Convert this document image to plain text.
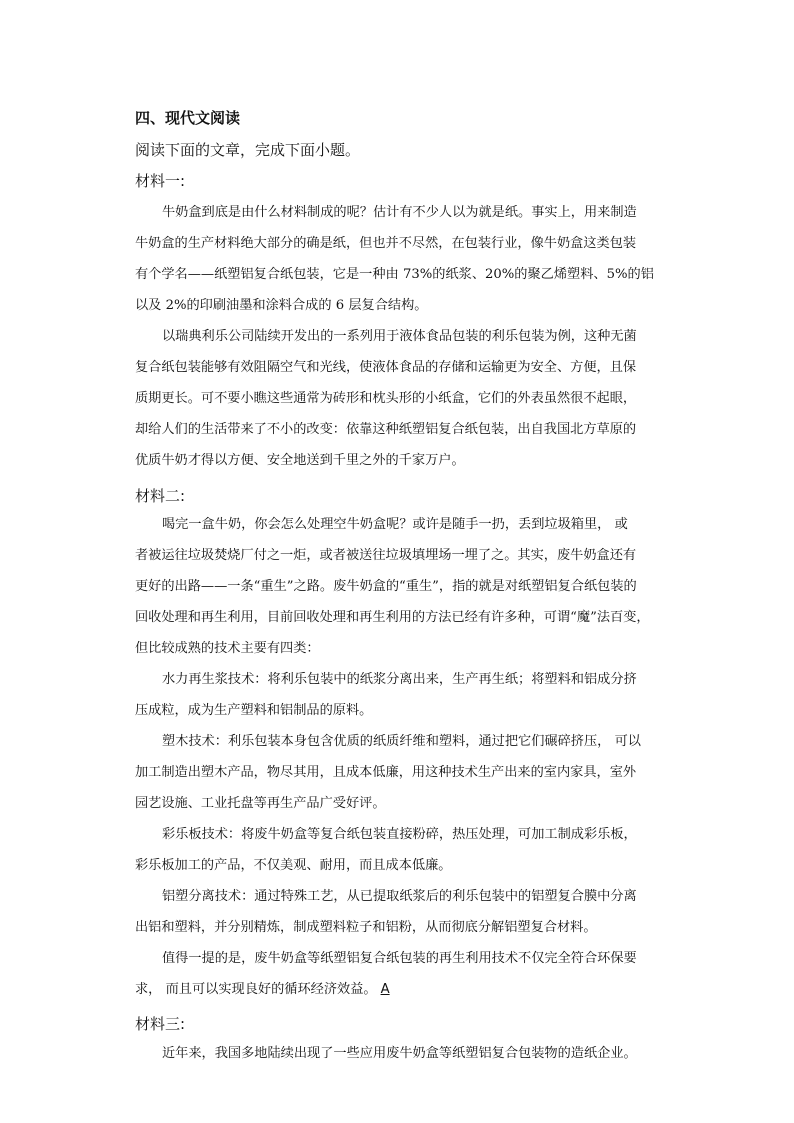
四、现代文阅读
阅读下面的文章，完成下面小题。
材料一:
牛奶盒到底是由什么材料制成的呢？估计有不少人以为就是纸。事实上，用来制造
牛奶盒的生产材料绝大部分的确是纸，但也并不尽然，在包装行业，像牛奶盒这类包装
有个学名——纸塑铝复合纸包装，它是一种由 73%的纸浆、20%的聚乙烯塑料、5%的铝
以及 2%的印刷油墨和涂料合成的 6 层复合结构。
以瑞典利乐公司陆续开发出的一系列用于液体食品包装的利乐包装为例，这种无菌
复合纸包装能够有效阻隔空气和光线，使液体食品的存储和运输更为安全、方便，且保
质期更长。可不要小瞧这些通常为砖形和枕头形的小纸盒，它们的外表虽然很不起眼，
却给人们的生活带来了不小的改变：依靠这种纸塑铝复合纸包装，出自我国北方草原的
优质牛奶才得以方便、安全地送到千里之外的千家万户。
材料二:
喝完一盒牛奶，你会怎么处理空牛奶盒呢？或许是随手一扔，丢到垃圾箱里， 或
者被运往垃圾焚烧厂付之一炬，或者被送往垃圾填埋场一埋了之。其实，废牛奶盒还有
更好的出路——一条“重生”之路。废牛奶盒的“重生”，指的就是对纸塑铝复合纸包装的
回收处理和再生利用，目前回收处理和再生利用的方法已经有许多种，可谓“魔”法百变，
但比较成熟的技术主要有四类：
水力再生浆技术：将利乐包装中的纸浆分离出来，生产再生纸；将塑料和铝成分挤
压成粒，成为生产塑料和铝制品的原料。
塑木技术：利乐包装本身包含优质的纸质纤维和塑料，通过把它们碾碎挤压， 可以
加工制造出塑木产品，物尽其用，且成本低廉，用这种技术生产出来的室内家具，室外
园艺设施、工业托盘等再生产品广受好评。
彩乐板技术：将废牛奶盒等复合纸包装直接粉碎，热压处理，可加工制成彩乐板，
彩乐板加工的产品，不仅美观、耐用，而且成本低廉。
铝塑分离技术：通过特殊工艺，从已提取纸浆后的利乐包装中的铝塑复合膜中分离
出铝和塑料，并分别精炼，制成塑料粒子和铝粉，从而彻底分解铝塑复合材料。
值得一提的是，废牛奶盒等纸塑铝复合纸包装的再生利用技术不仅完全符合环保要
求， 而且可以实现良好的循环经济效益。 A
材料三:
近年来，我国多地陆续出现了一些应用废牛奶盒等纸塑铝复合包装物的造纸企业。
